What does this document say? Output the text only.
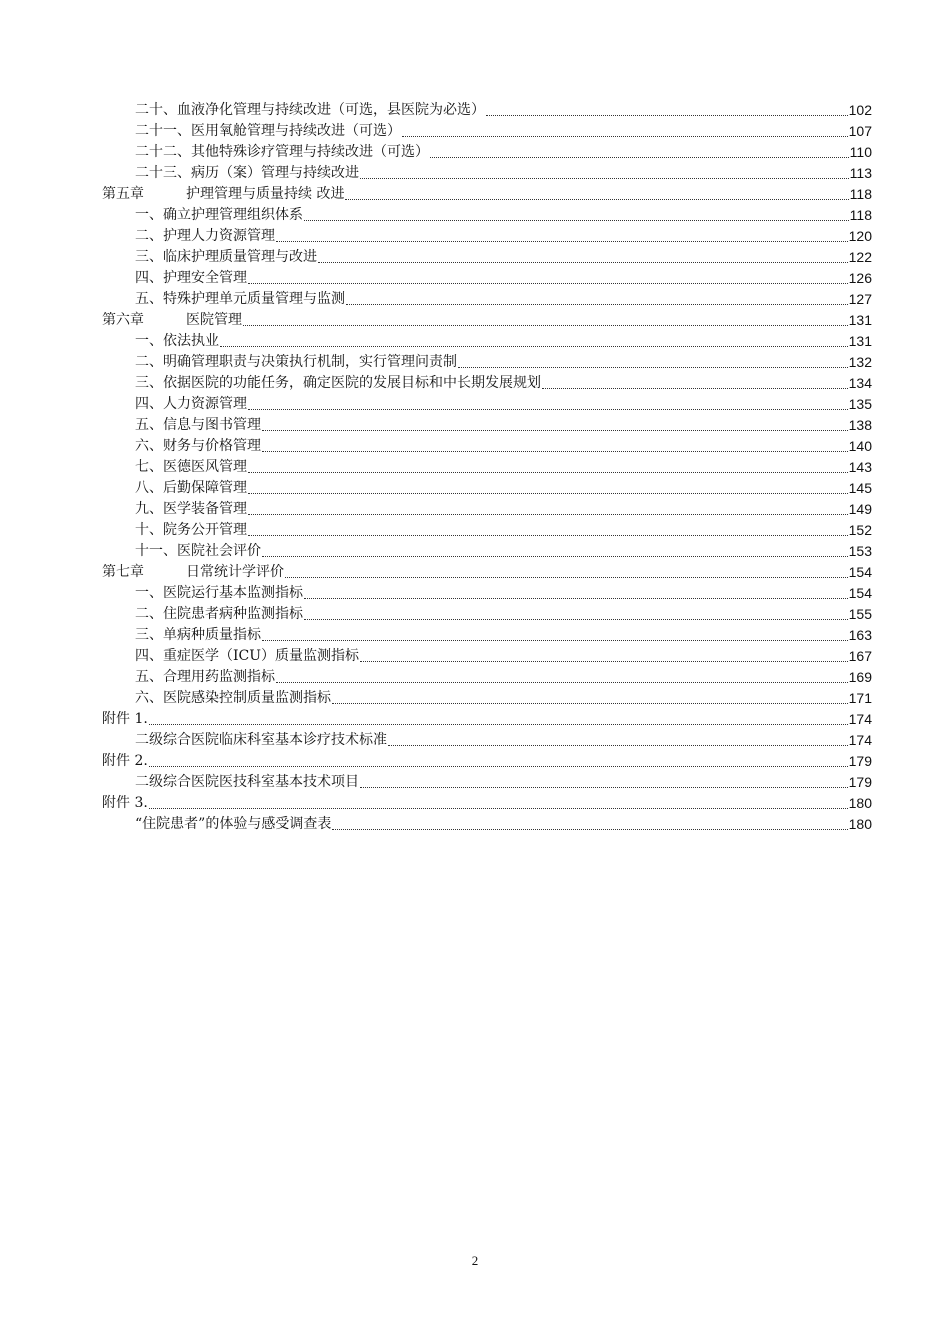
二十、血液净化管理与持续改进（可选，县医院为必选）	102
二十一、医用氧舱管理与持续改进（可选）	107
二十二、其他特殊诊疗管理与持续改进（可选）	110
二十三、病历（案）管理与持续改进	113
第五章	护理管理与质量持续 改进	118
一、确立护理管理组织体系	118
二、护理人力资源管理	120
三、临床护理质量管理与改进	122
四、护理安全管理	126
五、特殊护理单元质量管理与监测	127
第六章	医院管理	131
一、依法执业	131
二、明确管理职责与决策执行机制，实行管理问责制	132
三、依据医院的功能任务，确定医院的发展目标和中长期发展规划	134
四、人力资源管理	135
五、信息与图书管理	138
六、财务与价格管理	140
七、医德医风管理	143
八、后勤保障管理	145
九、医学装备管理	149
十、院务公开管理	152
十一、医院社会评价	153
第七章	日常统计学评价	154
一、医院运行基本监测指标	154
二、住院患者病种监测指标	155
三、单病种质量指标	163
四、重症医学（ICU）质量监测指标	167
五、合理用药监测指标	169
六、医院感染控制质量监测指标	171
附件 1.	174
二级综合医院临床科室基本诊疗技术标准	174
附件 2.	179
二级综合医院医技科室基本技术项目	179
附件 3.	180
“住院患者”的体验与感受调查表	180
2
